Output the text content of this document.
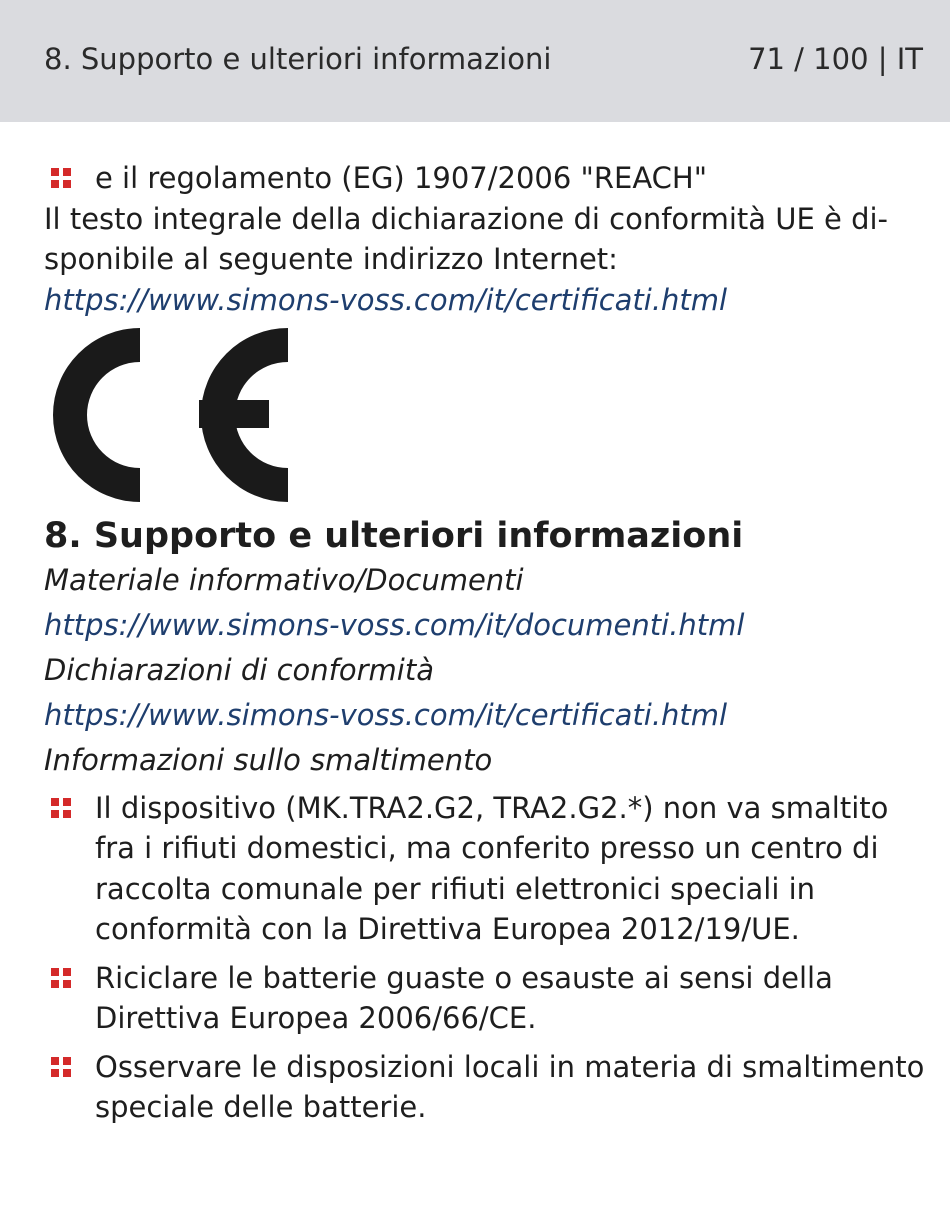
8. Supporto e ulteriori informazioni	71 / 100 | IT
e il regolamento (EG) 1907/2006 "REACH"
Il testo integrale della dichiarazione di conformità UE è di-
sponibile al seguente indirizzo Internet:
https://www.simons-voss.com/it/certificati.html
8. Supporto e ulteriori informazioni
Materiale informativo/Documenti
https://www.simons-voss.com/it/documenti.html
Dichiarazioni di conformità
https://www.simons-voss.com/it/certificati.html
Informazioni sullo smaltimento
Il dispositivo (MK.TRA2.G2, TRA2.G2.*) non va smaltito fra i rifiuti domestici, ma conferito presso un centro di raccolta comunale per rifiuti elettronici speciali in conformità con la Direttiva Europea 2012/19/UE.
Riciclare le batterie guaste o esauste ai sensi della Direttiva Europea 2006/66/CE.
Osservare le disposizioni locali in materia di smaltimento speciale delle batterie.
